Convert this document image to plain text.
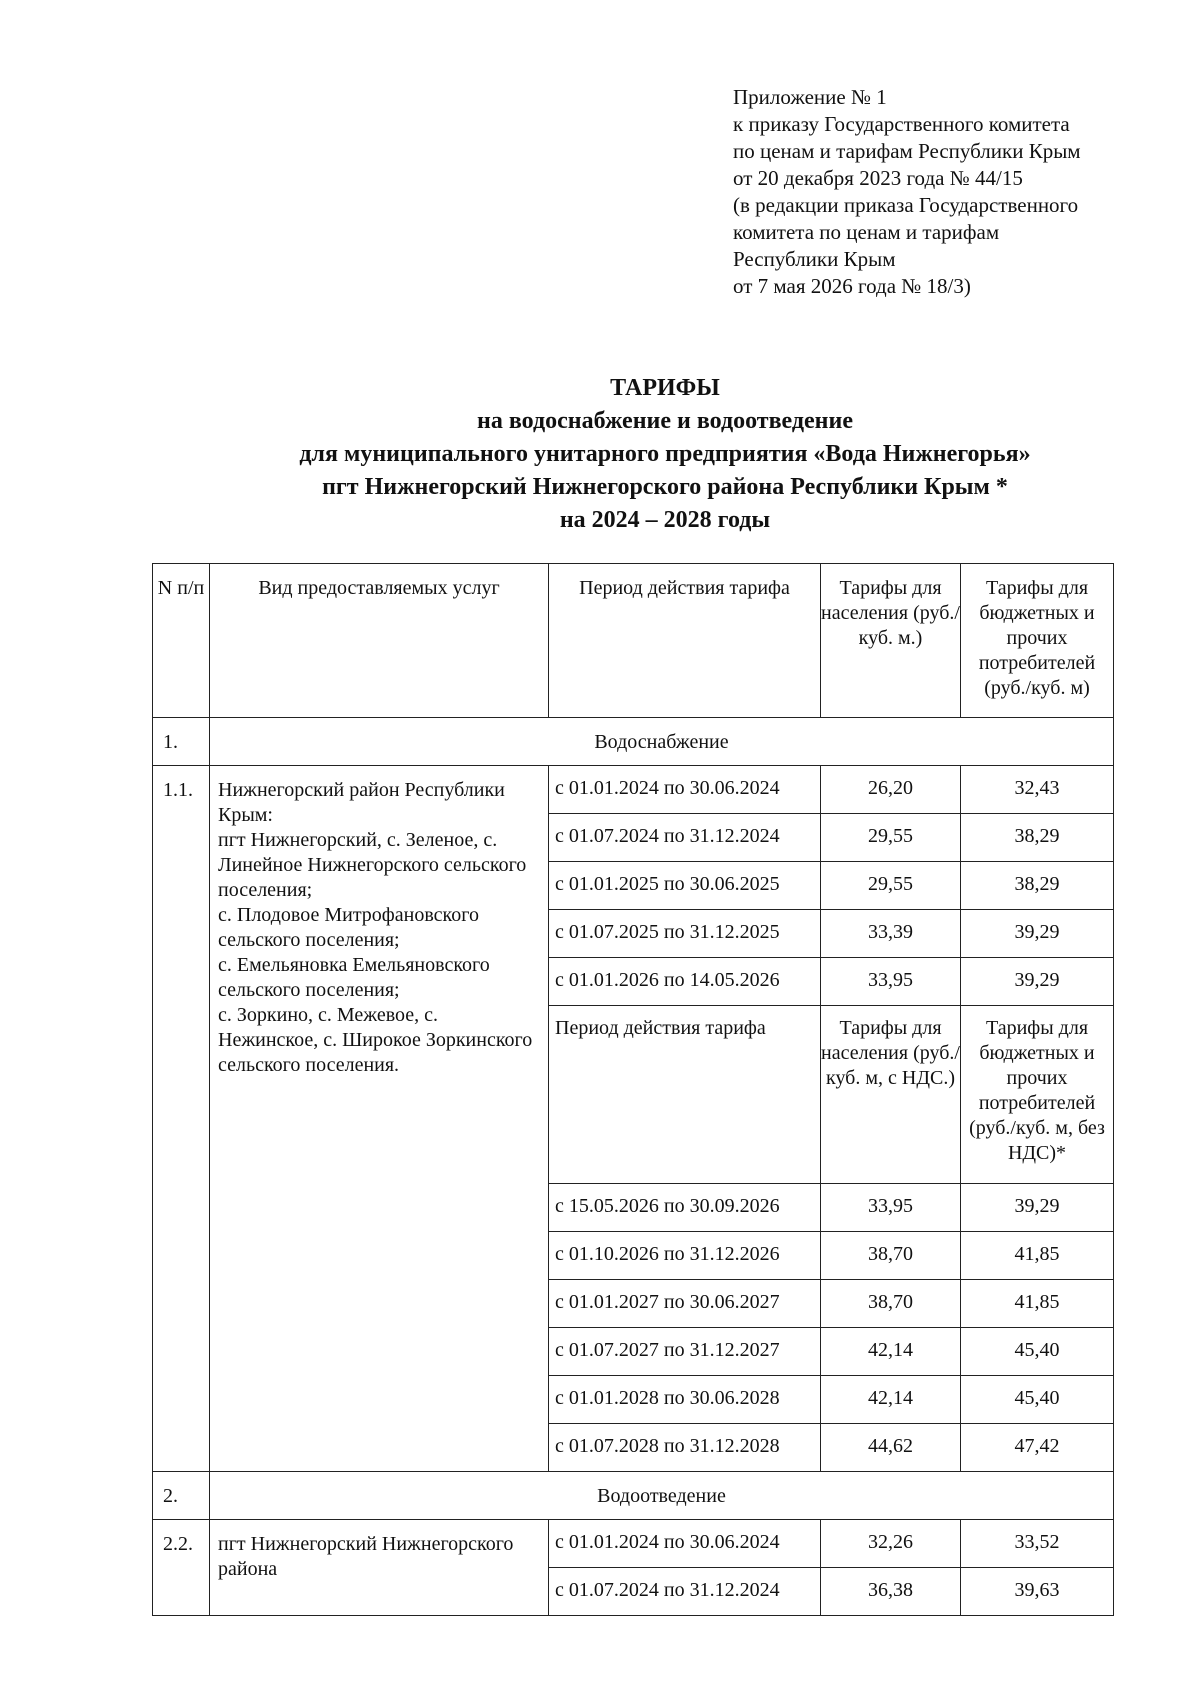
Приложение № 1
к приказу Государственного комитета
по ценам и тарифам Республики Крым
от 20 декабря 2023 года № 44/15
(в редакции приказа Государственного
комитета по ценам и тарифам
Республики Крым
от 7 мая 2026 года № 18/3)
ТАРИФЫ
на водоснабжение и водоотведение
для муниципального унитарного предприятия «Вода Нижнегорья»
пгт Нижнегорский Нижнегорского района Республики Крым *
на 2024 – 2028 годы
N п/п	Вид предоставляемых услуг	Период действия тарифа	Тарифы для населения (руб./куб. м.)	Тарифы для бюджетных и прочих потребителей (руб./куб. м)
1.	Водоснабжение			
1.1.	Нижнегорский район Республики Крым:
пгт Нижнегорский, с. Зеленое, с. Линейное Нижнегорского сельского поселения;
с. Плодовое Митрофановского сельского поселения;
с. Емельяновка Емельяновского сельского поселения;
с. Зоркино, с. Межевое, с. Нежинское, с. Широкое Зоркинского сельского поселения.	с 01.01.2024 по 30.06.2024	26,20	32,43
		с 01.07.2024 по 31.12.2024	29,55	38,29
		с 01.01.2025 по 30.06.2025	29,55	38,29
		с 01.07.2025 по 31.12.2025	33,39	39,29
		с 01.01.2026 по 14.05.2026	33,95	39,29
		Период действия тарифа	Тарифы для населения (руб./куб. м, с НДС.)	Тарифы для бюджетных и прочих потребителей (руб./куб. м, без НДС)*
		с 15.05.2026 по 30.09.2026	33,95	39,29
		с 01.10.2026 по 31.12.2026	38,70	41,85
		с 01.01.2027 по 30.06.2027	38,70	41,85
		с 01.07.2027 по 31.12.2027	42,14	45,40
		с 01.01.2028 по 30.06.2028	42,14	45,40
		с 01.07.2028 по 31.12.2028	44,62	47,42
2.	Водоотведение			
2.2.	пгт Нижнегорский Нижнегорского района	с 01.01.2024 по 30.06.2024	32,26	33,52
		с 01.07.2024 по 31.12.2024	36,38	39,63
